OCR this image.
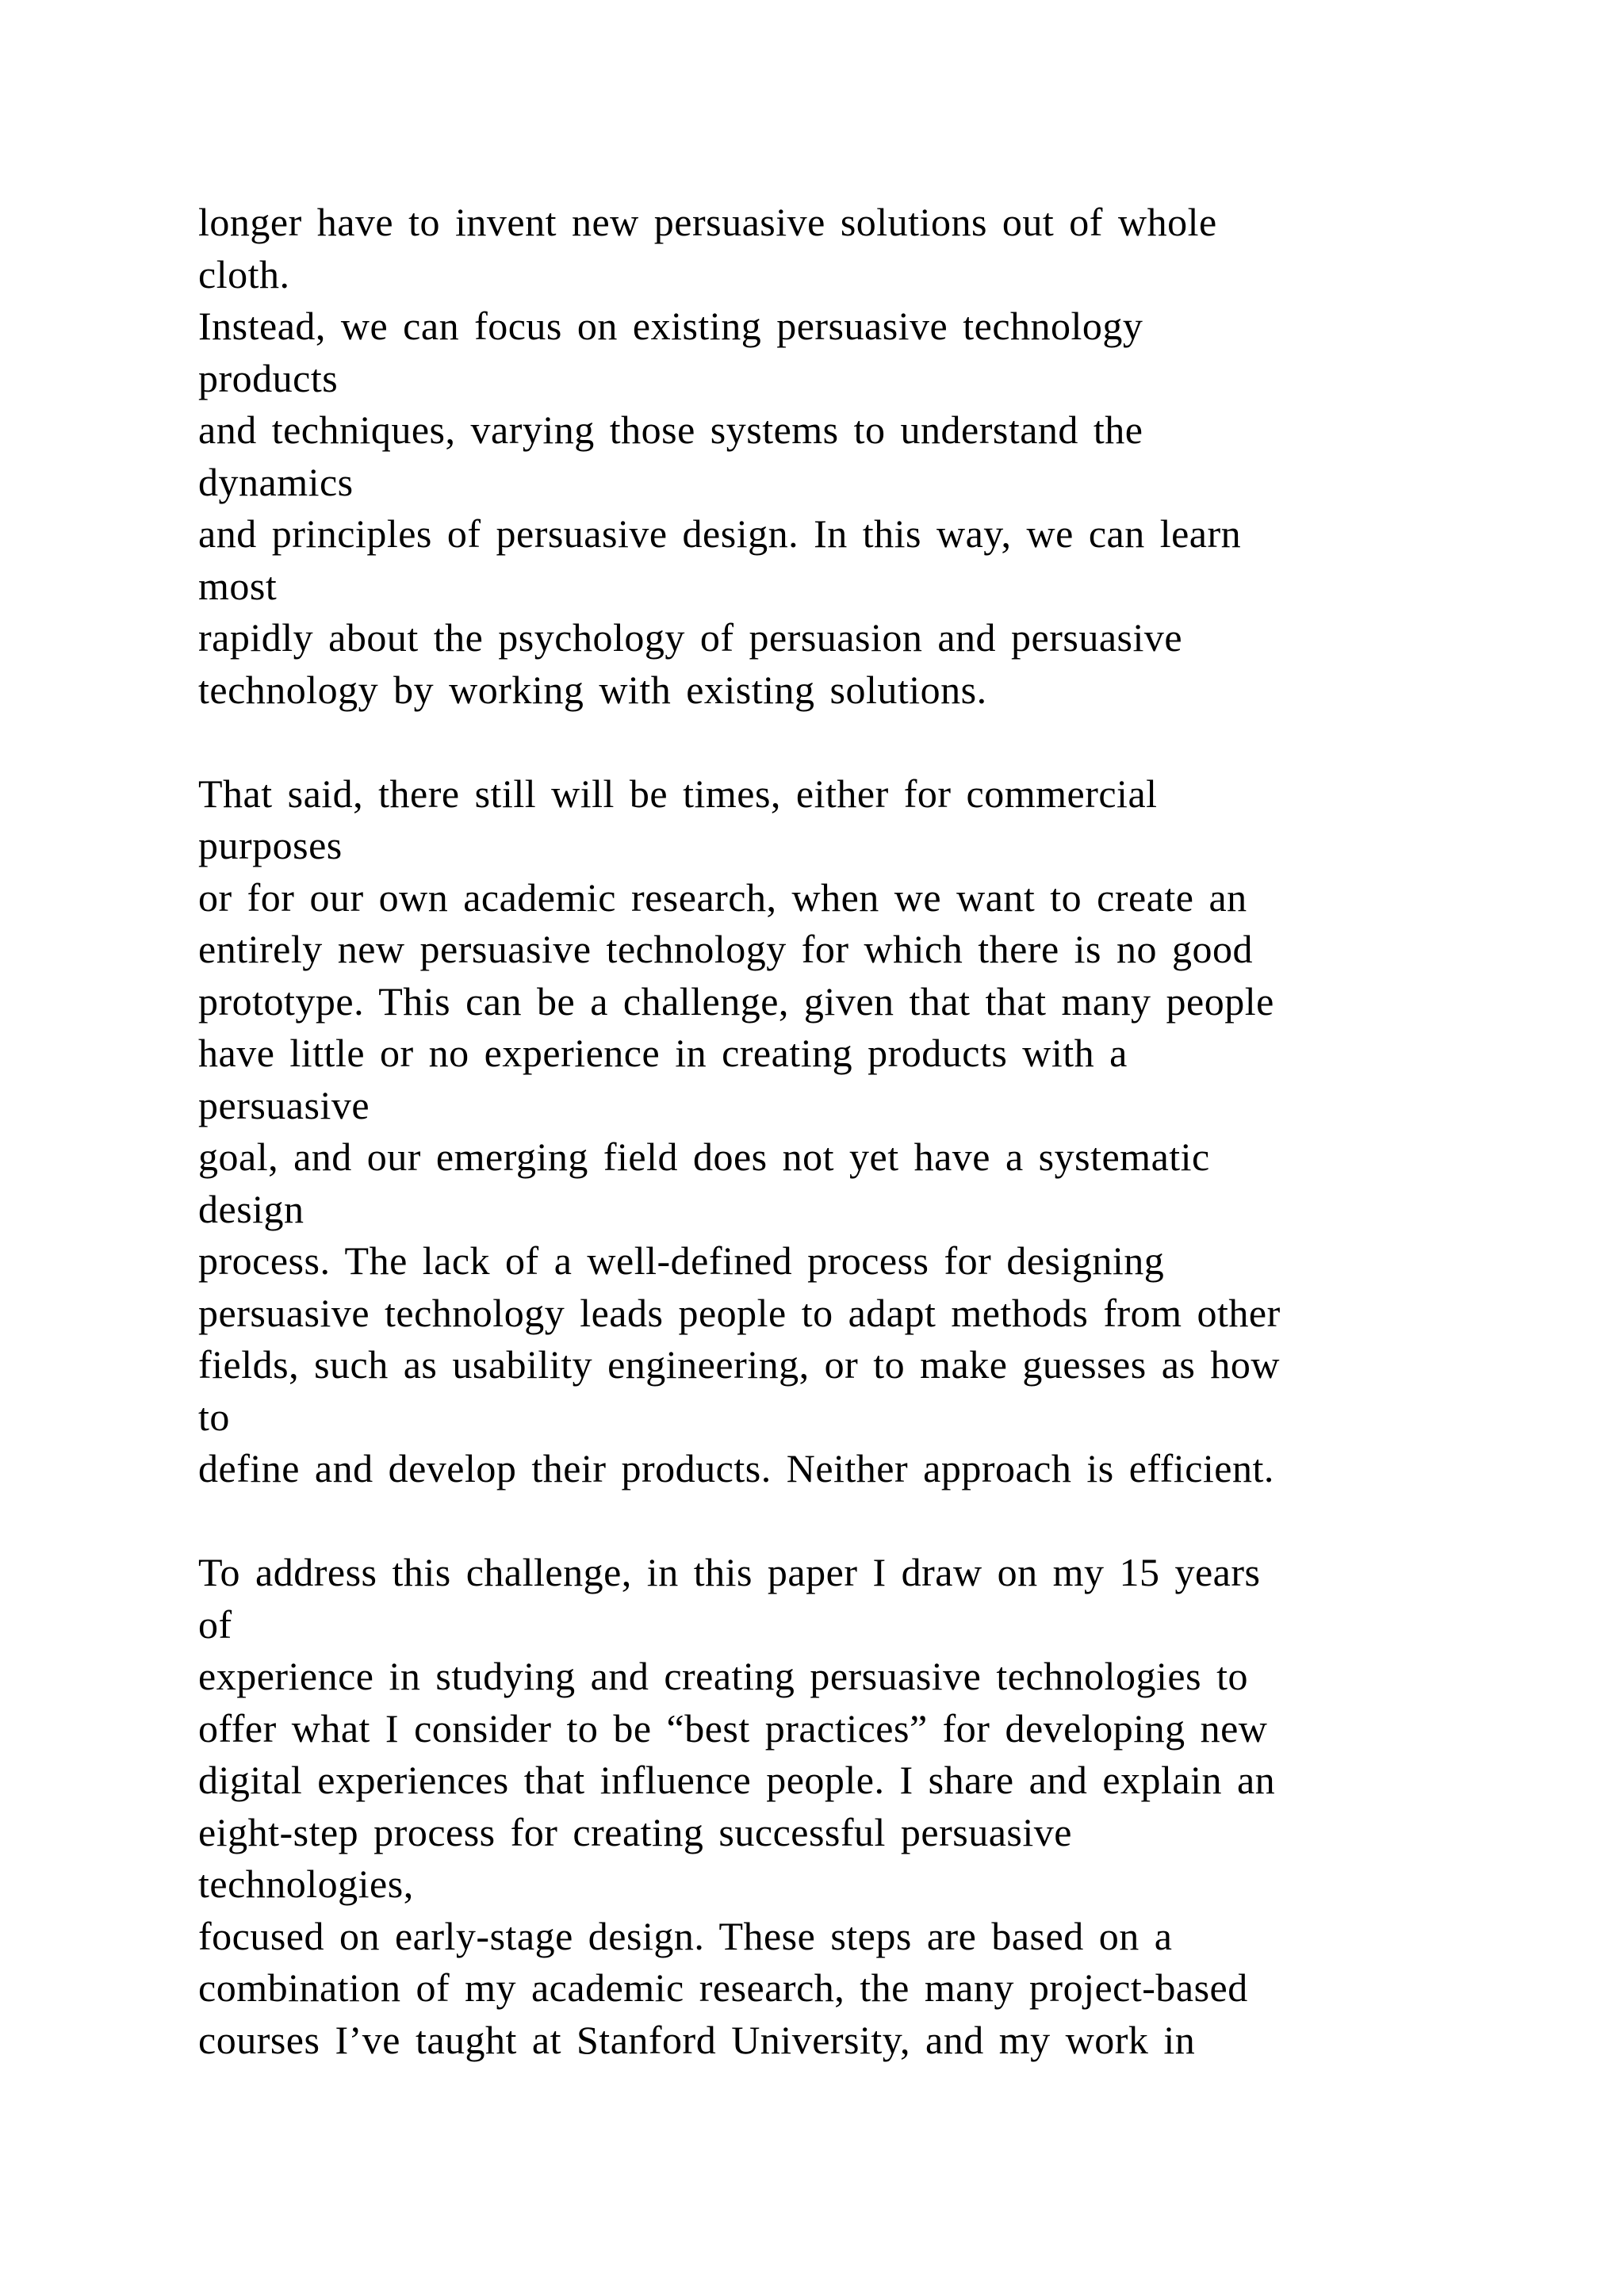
longer have to invent new persuasive solutions out of whole
cloth.
Instead, we can focus on existing persuasive technology
products
and techniques, varying those systems to understand the
dynamics
and principles of persuasive design. In this way, we can learn
most
rapidly about the psychology of persuasion and persuasive
technology by working with existing solutions.
That said, there still will be times, either for commercial
purposes
or for our own academic research, when we want to create an
entirely new persuasive technology for which there is no good
prototype. This can be a challenge, given that that many people
have little or no experience in creating products with a
persuasive
goal, and our emerging field does not yet have a systematic
design
process. The lack of a well-defined process for designing
persuasive technology leads people to adapt methods from other
fields, such as usability engineering, or to make guesses as how
to
define and develop their products. Neither approach is efficient.
To address this challenge, in this paper I draw on my 15 years
of
experience in studying and creating persuasive technologies to
offer what I consider to be “best practices” for developing new
digital experiences that influence people. I share and explain an
eight-step process for creating successful persuasive
technologies,
focused on early-stage design. These steps are based on a
combination of my academic research, the many project-based
courses I’ve taught at Stanford University, and my work in
